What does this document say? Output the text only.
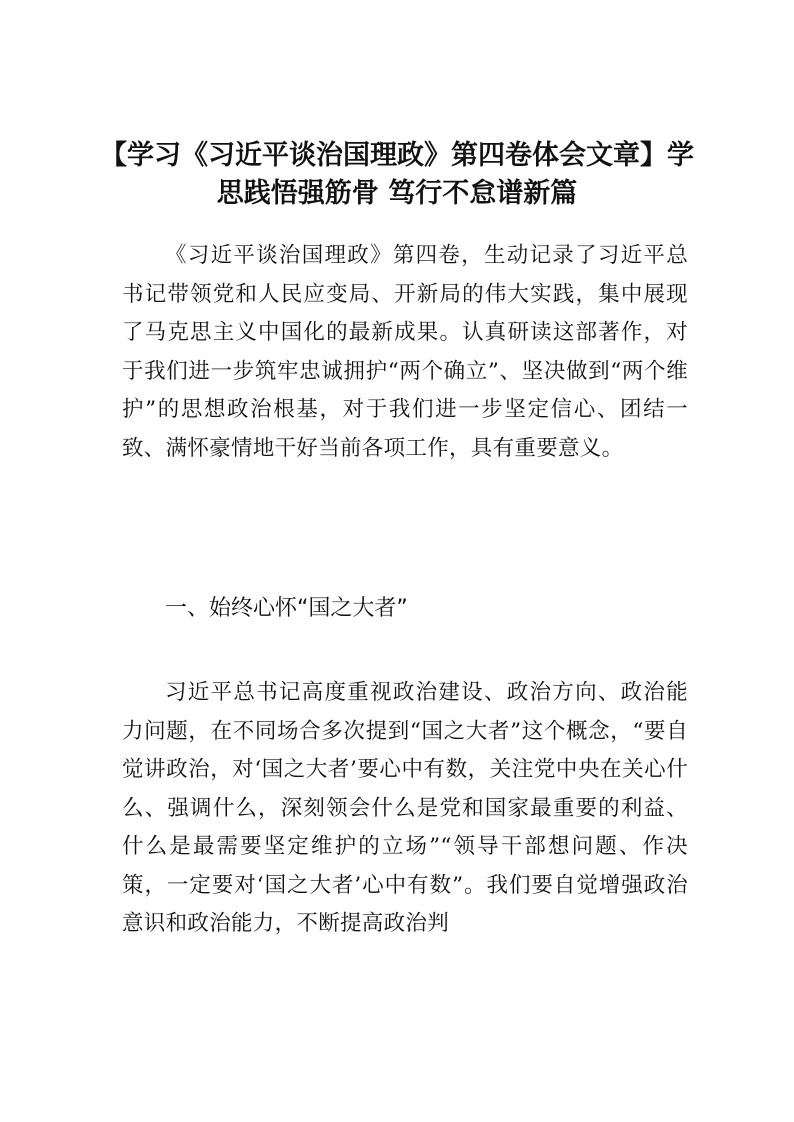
【学习《习近平谈治国理政》第四卷体会文章】学思践悟强筋骨 笃行不怠谱新篇

《习近平谈治国理政》第四卷，生动记录了习近平总书记带领党和人民应变局、开新局的伟大实践，集中展现了马克思主义中国化的最新成果。认真研读这部著作，对于我们进一步筑牢忠诚拥护“两个确立”、坚决做到“两个维护”的思想政治根基，对于我们进一步坚定信心、团结一致、满怀豪情地干好当前各项工作，具有重要意义。

一、始终心怀“国之大者”

习近平总书记高度重视政治建设、政治方向、政治能力问题，在不同场合多次提到“国之大者”这个概念，“要自觉讲政治，对‘国之大者’要心中有数，关注党中央在关心什么、强调什么，深刻领会什么是党和国家最重要的利益、什么是最需要坚定维护的立场”“领导干部想问题、作决策，一定要对‘国之大者’心中有数”。我们要自觉增强政治意识和政治能力，不断提高政治判
